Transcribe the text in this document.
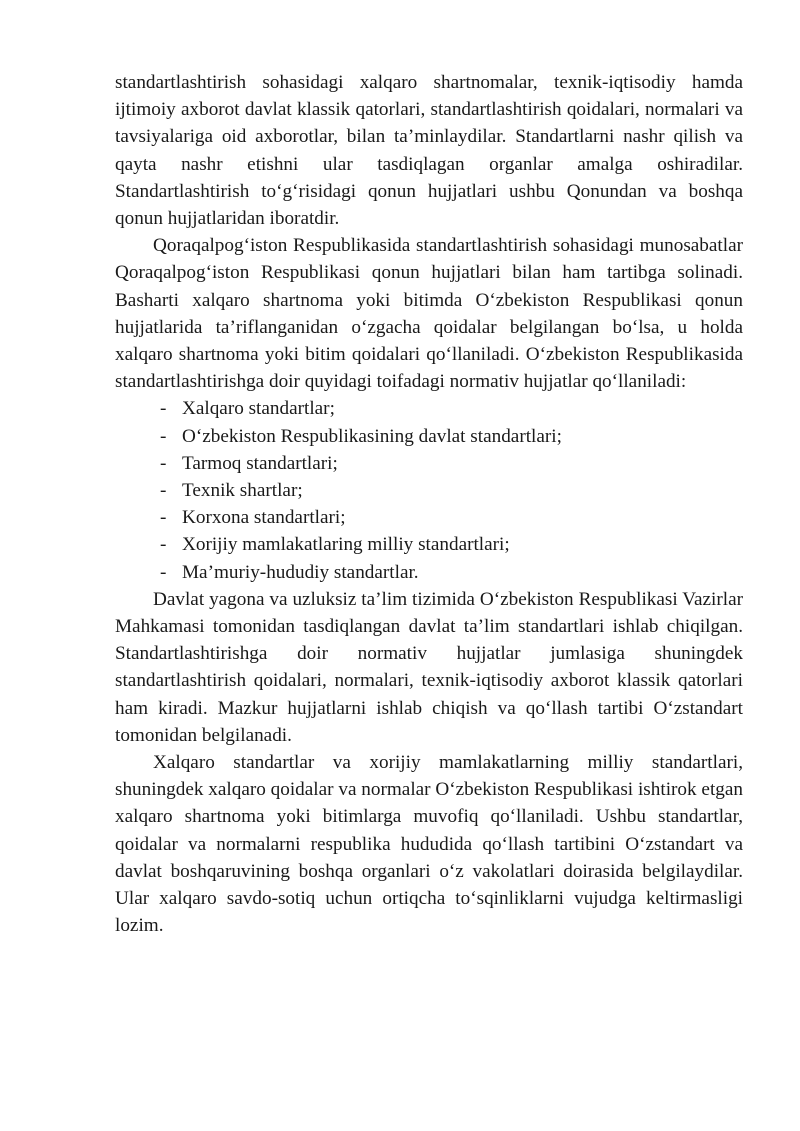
standartlashtirish sohasidagi xalqaro shartnomalar, texnik-iqtisodiy hamda ijtimoiy axborot davlat klassik qatorlari, standartlashtirish qoidalari, normalari va tavsiyalariga oid axborotlar, bilan ta’minlaydilar. Standartlarni nashr qilish va qayta nashr etishni ular tasdiqlagan organlar amalga oshiradilar. Standartlashtirish to‘g‘risidagi qonun hujjatlari ushbu Qonundan va boshqa qonun hujjatlaridan iboratdir.

Qoraqalpog‘iston Respublikasida standartlashtirish sohasidagi munosabatlar Qoraqalpog‘iston Respublikasi qonun hujjatlari bilan ham tartibga solinadi. Basharti xalqaro shartnoma yoki bitimda O‘zbekiston Respublikasi qonun hujjatlarida ta’riflanganidan o‘zgacha qoidalar belgilangan bo‘lsa, u holda xalqaro shartnoma yoki bitim qoidalari qo‘llaniladi. O‘zbekiston Respublikasida standartlashtirishga doir quyidagi toifadagi normativ hujjatlar qo‘llaniladi:

- Xalqaro standartlar;
- O‘zbekiston Respublikasining davlat standartlari;
- Tarmoq standartlari;
- Texnik shartlar;
- Korxona standartlari;
- Xorijiy mamlakatlaring milliy standartlari;
- Ma’muriy-hududiy standartlar.

Davlat yagona va uzluksiz ta’lim tizimida O‘zbekiston Respublikasi Vazirlar Mahkamasi tomonidan tasdiqlangan davlat ta’lim standartlari ishlab chiqilgan. Standartlashtirishga doir normativ hujjatlar jumlasiga shuningdek standartlashtirish qoidalari, normalari, texnik-iqtisodiy axborot klassik qatorlari ham kiradi. Mazkur hujjatlarni ishlab chiqish va qo‘llash tartibi O‘zstandart tomonidan belgilanadi.

Xalqaro standartlar va xorijiy mamlakatlarning milliy standartlari, shuningdek xalqaro qoidalar va normalar O‘zbekiston Respublikasi ishtirok etgan xalqaro shartnoma yoki bitimlarga muvofiq qo‘llaniladi. Ushbu standartlar, qoidalar va normalarni respublika hududida qo‘llash tartibini O‘zstandart va davlat boshqaruvining boshqa organlari o‘z vakolatlari doirasida belgilaydilar. Ular xalqaro savdo-sotiq uchun ortiqcha to‘sqinliklarni vujudga keltirmasligi lozim.
